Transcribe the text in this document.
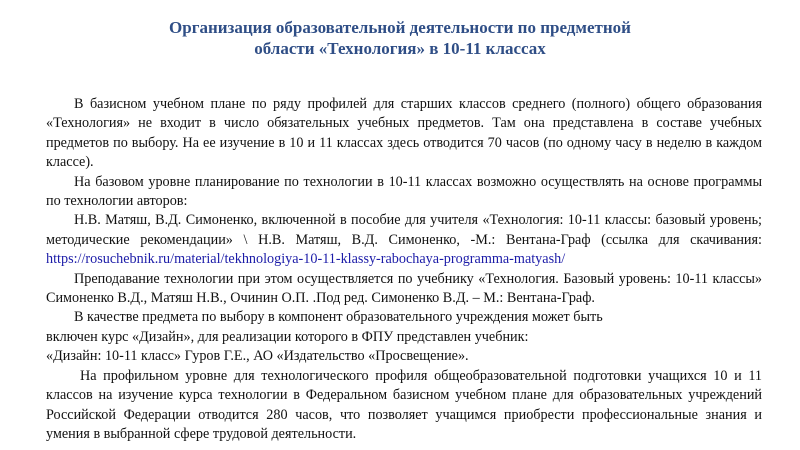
Организация образовательной деятельности по предметной
области «Технология» в 10-11 классах

В базисном учебном плане по ряду профилей для старших классов среднего (полного) общего образования «Технология» не входит в число обязательных учебных предметов. Там она представлена в составе учебных предметов по выбору. На ее изучение в 10 и 11 классах здесь отводится 70 часов (по одному часу в неделю в каждом классе).

На базовом уровне планирование по технологии в 10-11 классах возможно осуществлять на основе программы по технологии авторов:

Н.В. Матяш, В.Д. Симоненко, включенной в пособие для учителя «Технология: 10-11 классы: базовый уровень; методические рекомендации» \ Н.В. Матяш, В.Д. Симоненко, -М.: Вентана-Граф (ссылка для скачивания: https://rosuchebnik.ru/material/tekhnologiya-10-11-klassy-rabochaya-programma-matyash/

Преподавание технологии при этом осуществляется по учебнику «Технология. Базовый уровень: 10-11 классы» Симоненко В.Д., Матяш Н.В., Очинин О.П. .Под ред. Симоненко В.Д. – М.: Вентана-Граф.

В качестве предмета по выбору в компонент образовательного учреждения может быть

включен курс «Дизайн», для реализации которого в ФПУ представлен учебник:

«Дизайн: 10-11 класс» Гуров Г.Е., АО «Издательство «Просвещение».

На профильном уровне для технологического профиля общеобразовательной подготовки учащихся 10 и 11 классов на изучение курса технологии в Федеральном базисном учебном плане для образовательных учреждений Российской Федерации отводится 280 часов, что позволяет учащимся приобрести профессиональные знания и умения в выбранной сфере трудовой деятельности.
